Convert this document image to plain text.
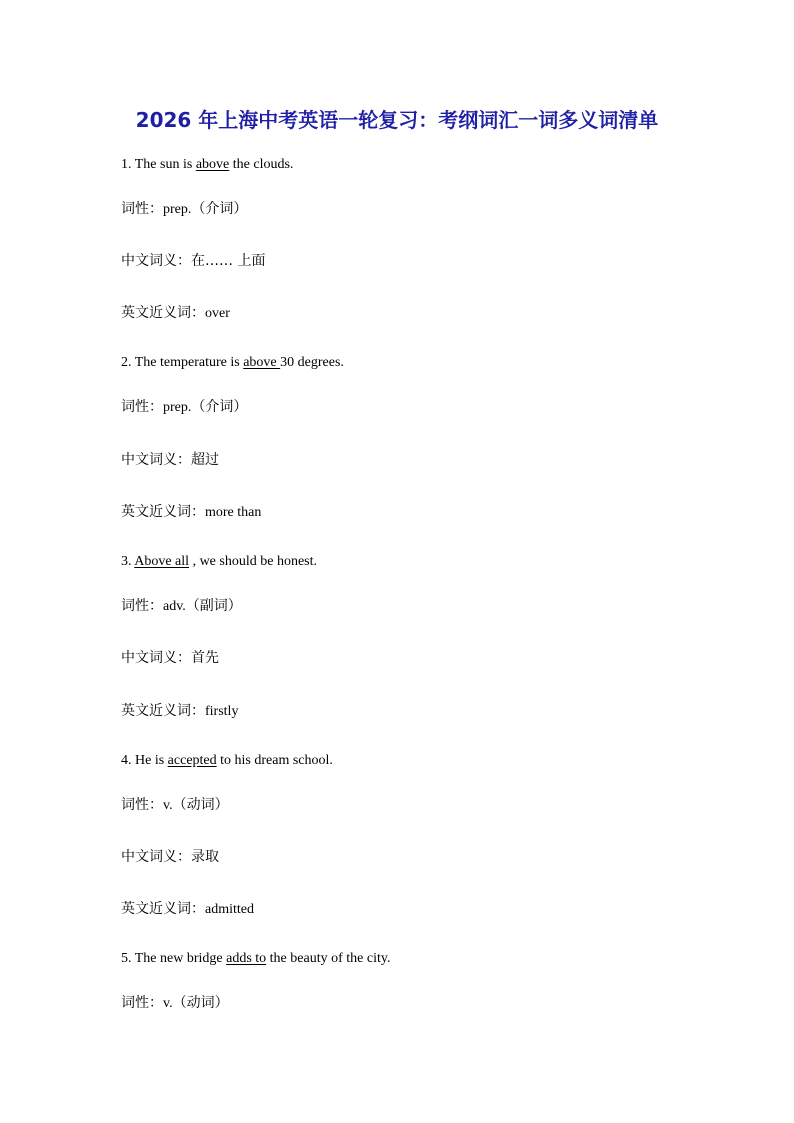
2026 年上海中考英语一轮复习：考纲词汇一词多义词清单
1. The sun is above the clouds.
词性：prep.（介词）
中文词义：在…… 上面
英文近义词：over
2. The temperature is above 30 degrees.
词性：prep.（介词）
中文词义：超过
英文近义词：more than
3. Above all , we should be honest.
词性：adv.（副词）
中文词义：首先
英文近义词：firstly
4. He is accepted to his dream school.
词性：v.（动词）
中文词义：录取
英文近义词：admitted
5. The new bridge adds to the beauty of the city.
词性：v.（动词）
